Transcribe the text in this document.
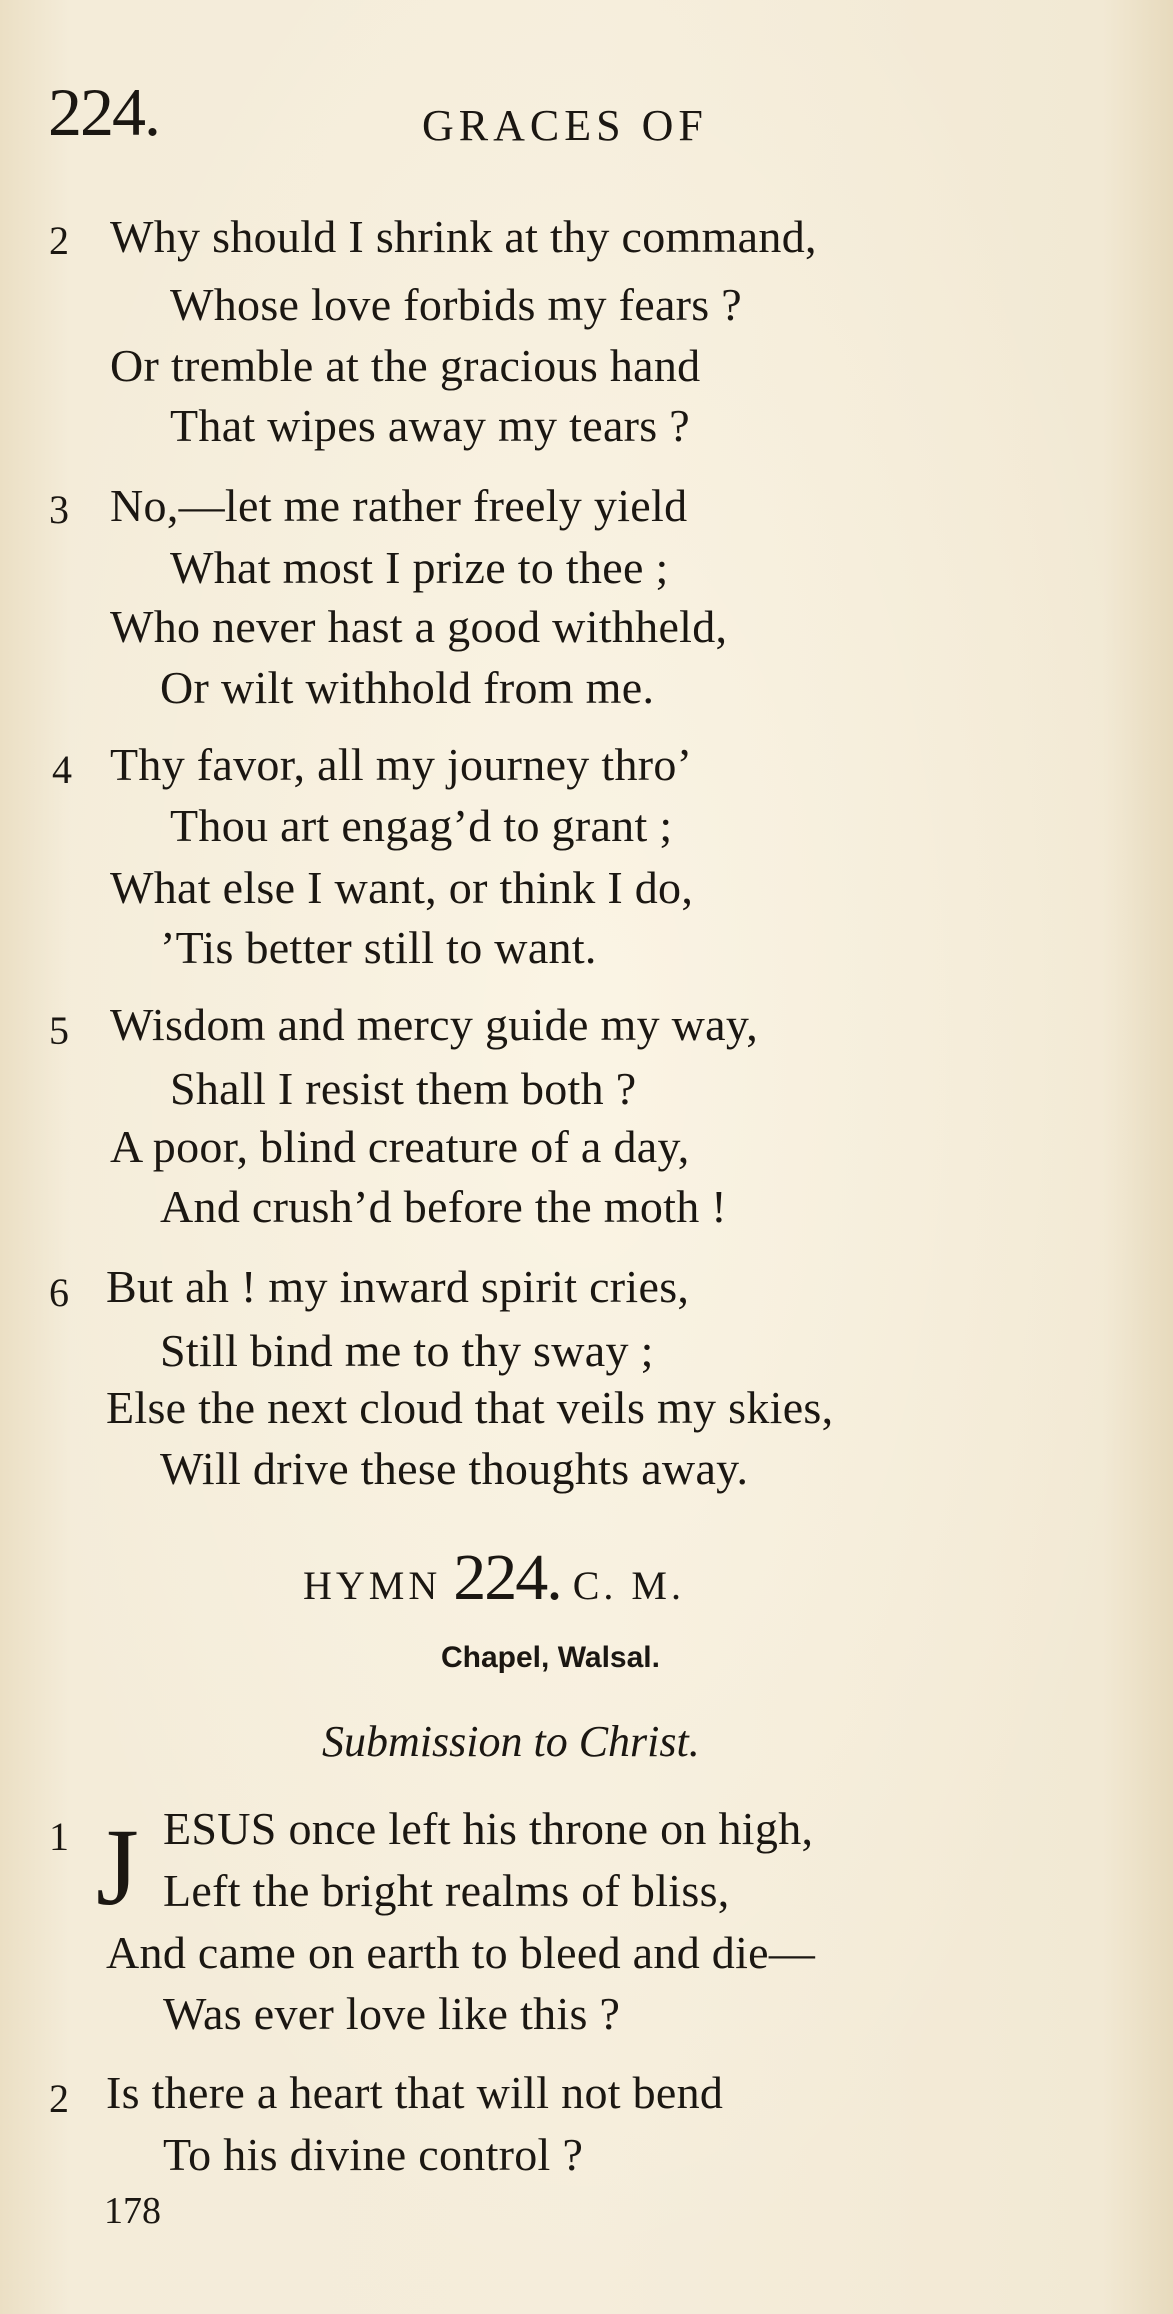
224.	GRACES OF
2 Why should I shrink at thy command,
Whose love forbids my fears ?
Or tremble at the gracious hand
That wipes away my tears ?
3 No,—let me rather freely yield
What most I prize to thee ;
Who never hast a good withheld,
Or wilt withhold from me.
4 Thy favor, all my journey thro’
Thou art engag’d to grant ;
What else I want, or think I do,
’Tis better still to want.
5 Wisdom and mercy guide my way,
Shall I resist them both ?
A poor, blind creature of a day,
And crush’d before the moth !
6 But ah ! my inward spirit cries,
Still bind me to thy sway ;
Else the next cloud that veils my skies,
Will drive these thoughts away.
HYMN 224. C. M.
Chapel, Walsal.
Submission to Christ.
1 J ESUS once left his throne on high,
Left the bright realms of bliss,
And came on earth to bleed and die—
Was ever love like this ?
2 Is there a heart that will not bend
To his divine control ?
178
